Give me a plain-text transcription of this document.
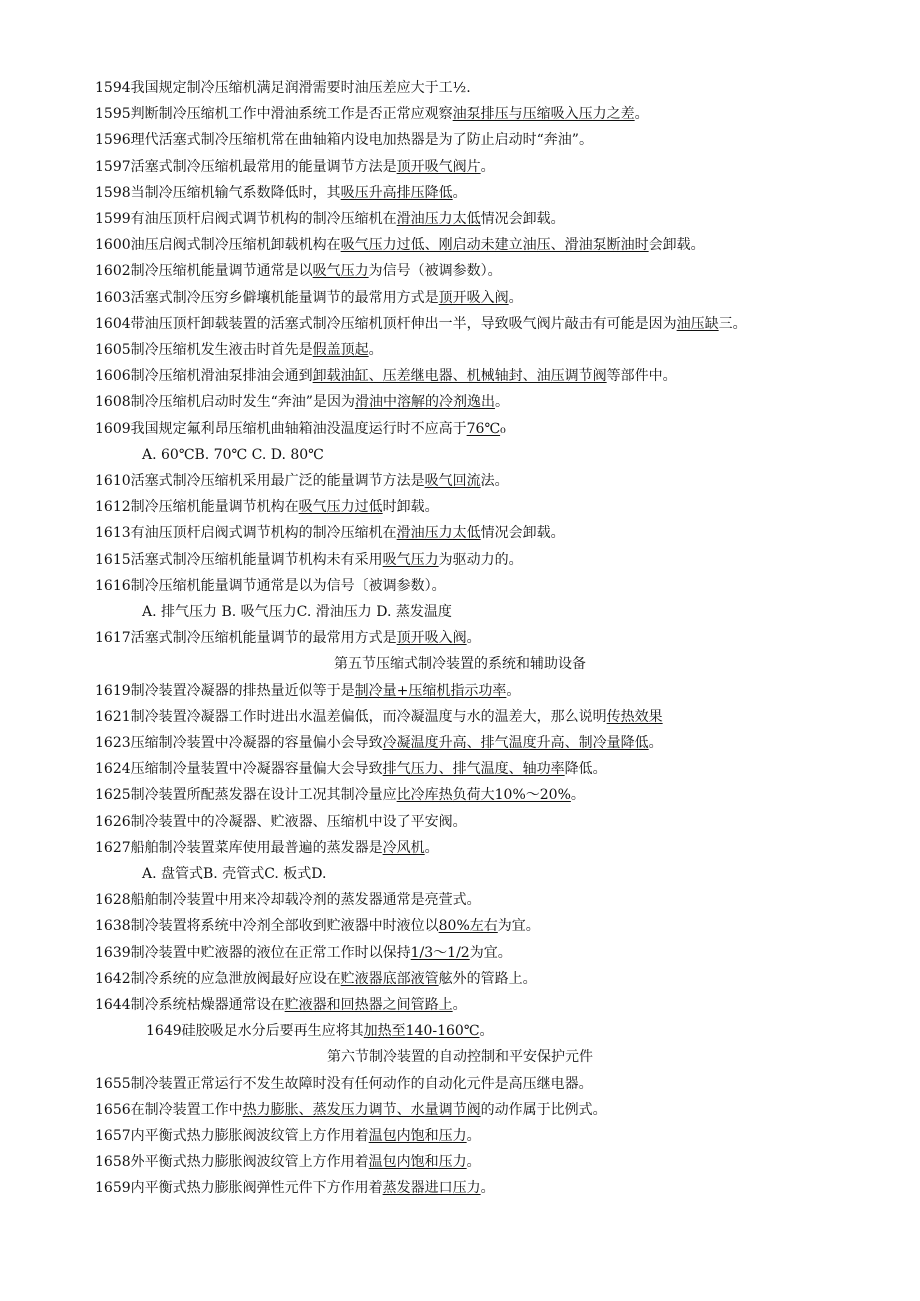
1594我国规定制冷压缩机满足润滑需要时油压差应大于工½.
1595判断制冷压缩机工作中滑油系统工作是否正常应观察油泵排压与压缩吸入压力之差。
1596理代活塞式制冷压缩机常在曲轴箱内设电加热器是为了防止启动时“奔油”。
1597活塞式制冷压缩机最常用的能量调节方法是顶开吸气阀片。
1598当制冷压缩机输气系数降低时，其吸压升高排压降低。
1599有油压顶杆启阀式调节机构的制冷压缩机在滑油压力太低情况会卸载。
1600油压启阀式制冷压缩机卸载机构在吸气压力过低、刚启动未建立油压、滑油泵断油时会卸载。
1602制冷压缩机能量调节通常是以吸气压力为信号（被调参数）。
1603活塞式制冷压穷乡僻壤机能量调节的最常用方式是顶开吸入阀。
1604带油压顶杆卸载装置的活塞式制冷压缩机顶杆伸出一半，导致吸气阀片敲击有可能是因为油压缺三。
1605制冷压缩机发生液击时首先是假盖顶起。
1606制冷压缩机滑油泵排油会通到卸载油缸、压差继电器、机械轴封、油压调节阀等部件中。
1608制冷压缩机启动时发生“奔油”是因为滑油中溶解的冷剂逸出。
1609我国规定氟利昂压缩机曲轴箱油没温度运行时不应高于76℃₀
A. 60℃B. 70℃ C. D. 80℃
1610活塞式制冷压缩机采用最广泛的能量调节方法是吸气回流法。
1612制冷压缩机能量调节机构在吸气压力过低时卸载。
1613有油压顶杆启阀式调节机构的制冷压缩机在滑油压力太低情况会卸载。
1615活塞式制冷压缩机能量调节机构未有采用吸气压力为驱动力的。
1616制冷压缩机能量调节通常是以为信号〔被调参数）。
A. 排气压力 B. 吸气压力C. 滑油压力 D. 蒸发温度
1617活塞式制冷压缩机能量调节的最常用方式是顶开吸入阀。
第五节压缩式制冷装置的系统和辅助设备
1619制冷装置冷凝器的排热量近似等于是制冷量+压缩机指示功率。
1621制冷装置冷凝器工作时进出水温差偏低，而冷凝温度与水的温差大，那么说明传热效果
1623压缩制冷装置中冷凝器的容量偏小会导致冷凝温度升高、排气温度升高、制冷量降低。
1624压缩制冷量装置中冷凝器容量偏大会导致排气压力、排气温度、轴功率降低。
1625制冷装置所配蒸发器在设计工况其制冷量应比冷库热负荷大10%～20%。
1626制冷装置中的冷凝器、贮液器、压缩机中设了平安阀。
1627船舶制冷装置菜库使用最普遍的蒸发器是冷风机。
A. 盘管式B. 壳管式C. 板式D.
1628船舶制冷装置中用来冷却载冷剂的蒸发器通常是亮萱式。
1638制冷装置将系统中冷剂全部收到贮液器中时液位以80%左右为宜。
1639制冷装置中贮液器的液位在正常工作时以保持1/3～1/2为宜。
1642制冷系统的应急泄放阀最好应设在贮液器底部液管舷外的管路上。
1644制冷系统枯燥器通常设在贮液器和回热器之间管路上。
1649硅胶吸足水分后要再生应将其加热至140-160℃。
第六节制冷装置的自动控制和平安保护元件
1655制冷装置正常运行不发生故障时没有任何动作的自动化元件是高压继电器。
1656在制冷装置工作中热力膨胀、蒸发压力调节、水量调节阀的动作属于比例式。
1657内平衡式热力膨胀阀波纹管上方作用着温包内饱和压力。
1658外平衡式热力膨胀阀波纹管上方作用着温包内饱和压力。
1659内平衡式热力膨胀阀弹性元件下方作用着蒸发器进口压力。
